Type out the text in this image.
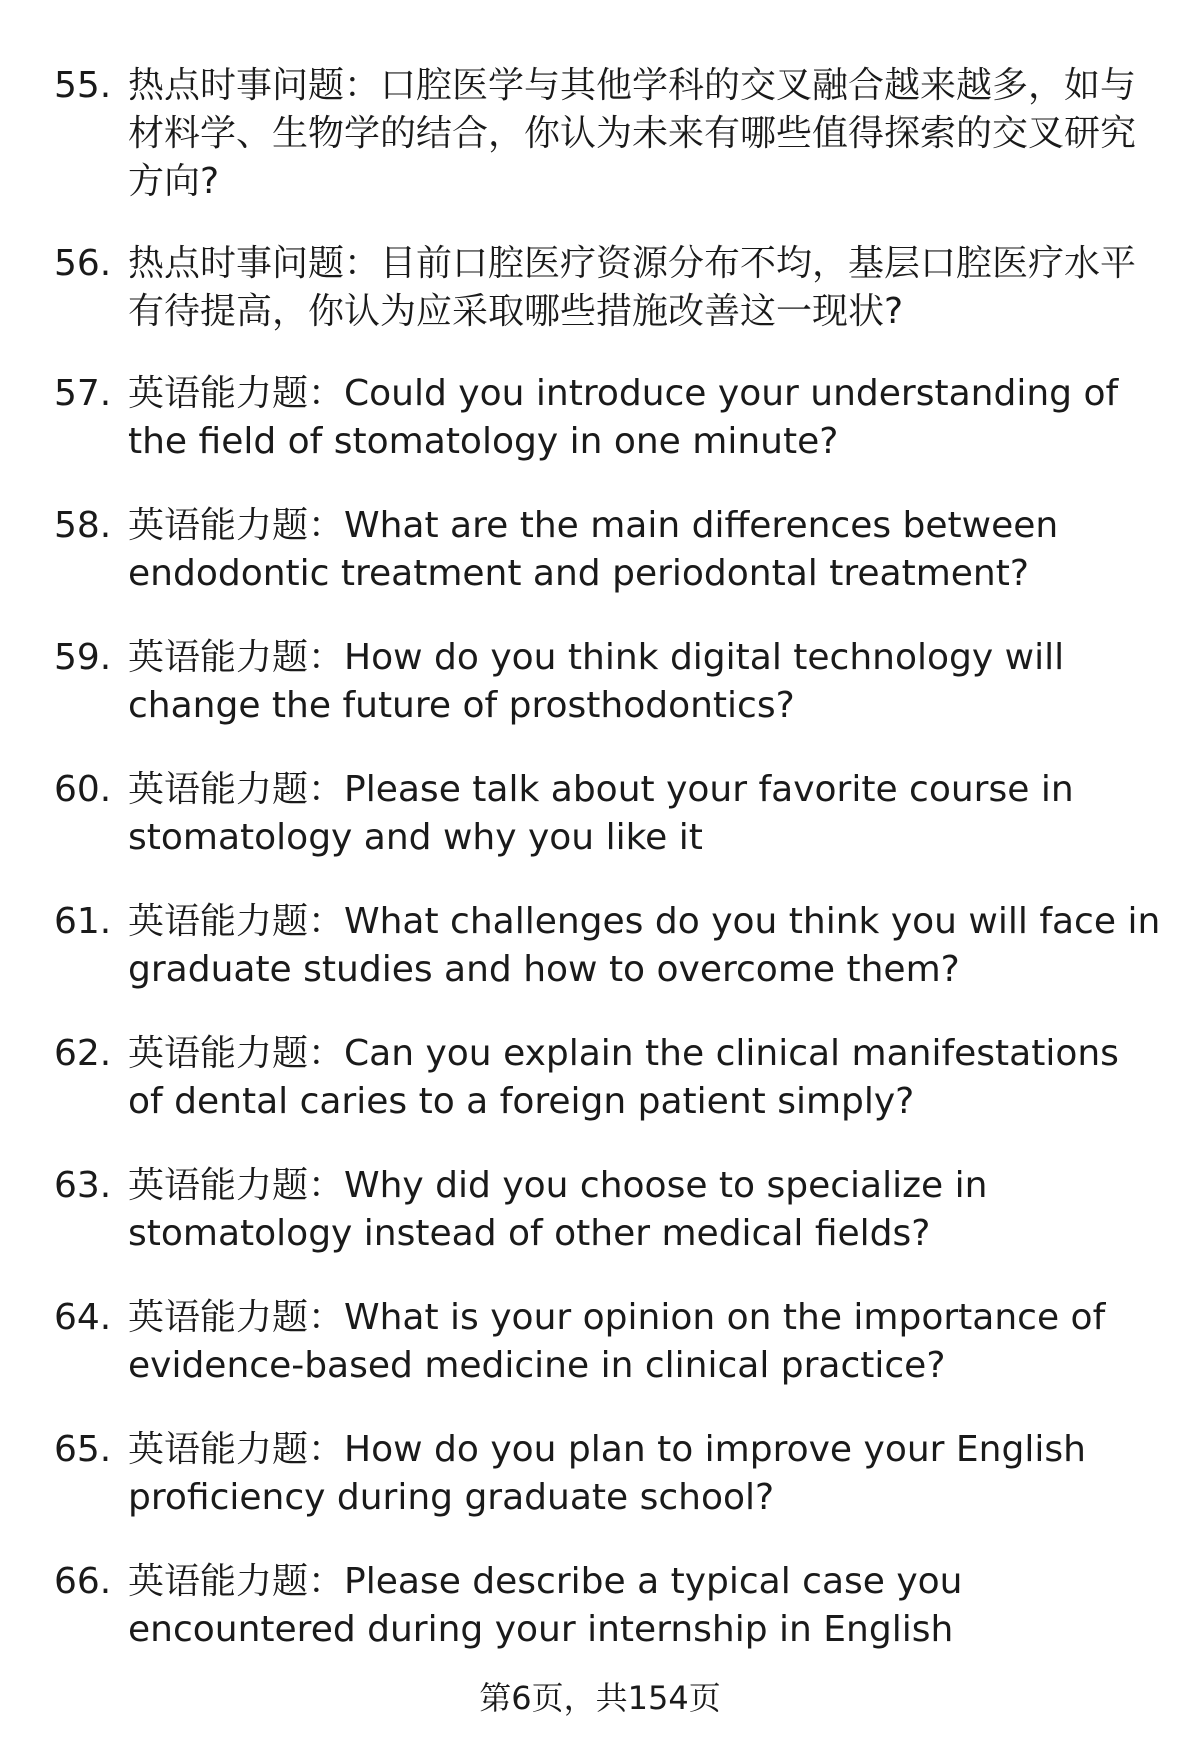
55. 热点时事问题：口腔医学与其他学科的交叉融合越来越多，如与材料学、生物学的结合，你认为未来有哪些值得探索的交叉研究方向?
56. 热点时事问题：目前口腔医疗资源分布不均，基层口腔医疗水平有待提高，你认为应采取哪些措施改善这一现状?
57. 英语能力题：Could you introduce your understanding of the field of stomatology in one minute?
58. 英语能力题：What are the main differences between endodontic treatment and periodontal treatment?
59. 英语能力题：How do you think digital technology will change the future of prosthodontics?
60. 英语能力题：Please talk about your favorite course in stomatology and why you like it
61. 英语能力题：What challenges do you think you will face in graduate studies and how to overcome them?
62. 英语能力题：Can you explain the clinical manifestations of dental caries to a foreign patient simply?
63. 英语能力题：Why did you choose to specialize in stomatology instead of other medical fields?
64. 英语能力题：What is your opinion on the importance of evidence-based medicine in clinical practice?
65. 英语能力题：How do you plan to improve your English proficiency during graduate school?
66. 英语能力题：Please describe a typical case you encountered during your internship in English
第6页，共154页
